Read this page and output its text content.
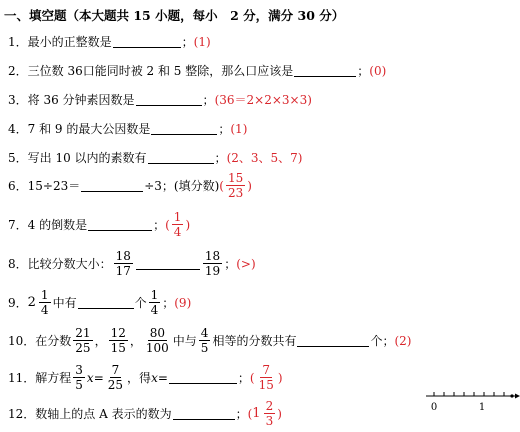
一、填空题（本大题共 15 小题，每小　2 分，满分 30 分）
1．最小的正整数是	； (1)
2．三位数 36口能同时被 2 和 5 整除，那么口应该是	； (0)
3．将 36 分钟素因数是	； (36＝2×2×3×3)
4．7 和 9 的最大公因数是	； (1)
5．写出 10 以内的素数有	； (2、3、5、7)
6．15÷23＝	÷3；(填分数) ( $\frac{15}{23}$ )
7．4 的倒数是	； ( $\frac{1}{4}$ )
8．比较分数大小： $\frac{18}{17}$	$\frac{18}{19}$ ； (>)
9． $2 \frac{1}{4}$ 中有	个 $\frac{1}{4}$ ； (9)
10．在分数 $\frac{21}{25}$ ， $\frac{12}{15}$ ， $\frac{80}{100}$ 中与 $\frac{4}{5}$ 相等的分数共有	个 ； (2)
11．解方程 $\frac{3}{5}$ $x = \frac{7}{25}$ ，得 x =	； ( $\frac{7}{15}$ )
12．数轴上的点 A 表示的数为	； ( $1 \frac{2}{3}$ )	0	1
